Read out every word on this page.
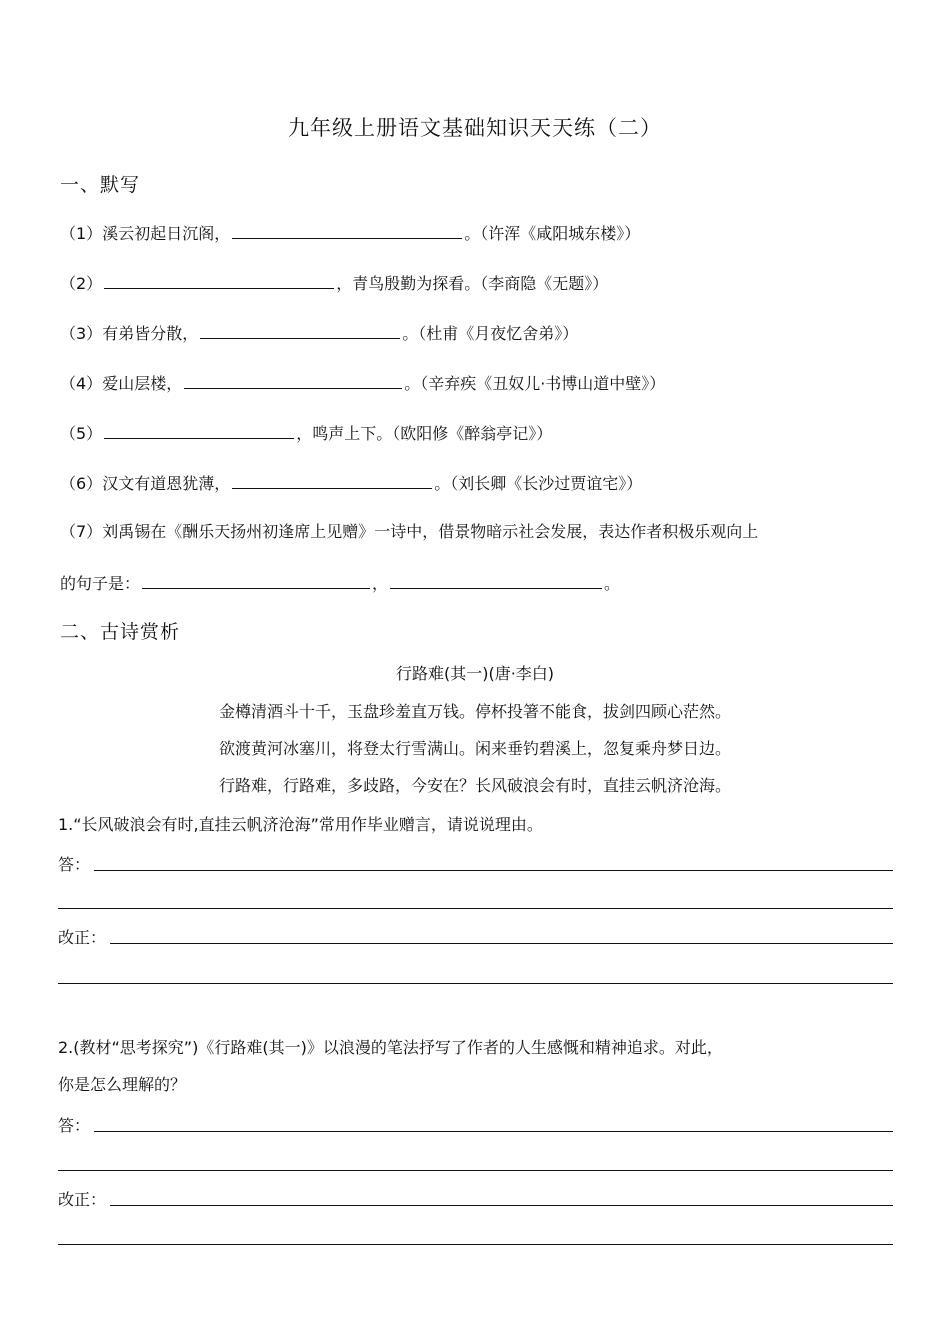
九年级上册语文基础知识天天练（二）
一、默写
（1）溪云初起日沉阁，	。（许浑《咸阳城东楼》）
（2）	，青鸟殷勤为探看。（李商隐《无题》）
（3）有弟皆分散，	。（杜甫《月夜忆舍弟》）
（4）爱山层楼，	。（辛弃疾《丑奴儿·书博山道中壁》）
（5）	，鸣声上下。（欧阳修《醉翁亭记》）
（6）汉文有道恩犹薄，	。（刘长卿《长沙过贾谊宅》）
（7）刘禹锡在《酬乐天扬州初逢席上见赠》一诗中，借景物暗示社会发展，表达作者积极乐观向上
的句子是：	，	。
二、古诗赏析
行路难(其一)(唐·李白)
金樽清酒斗十千，玉盘珍羞直万钱。停杯投箸不能食，拔剑四顾心茫然。
欲渡黄河冰塞川，将登太行雪满山。闲来垂钓碧溪上，忽复乘舟梦日边。
行路难，行路难，多歧路，今安在？长风破浪会有时，直挂云帆济沧海。
1.“长风破浪会有时,直挂云帆济沧海”常用作毕业赠言，请说说理由。
答：
改正：
2.(教材“思考探究”)《行路难(其一)》以浪漫的笔法抒写了作者的人生感慨和精神追求。对此，
你是怎么理解的？
答：
改正：
